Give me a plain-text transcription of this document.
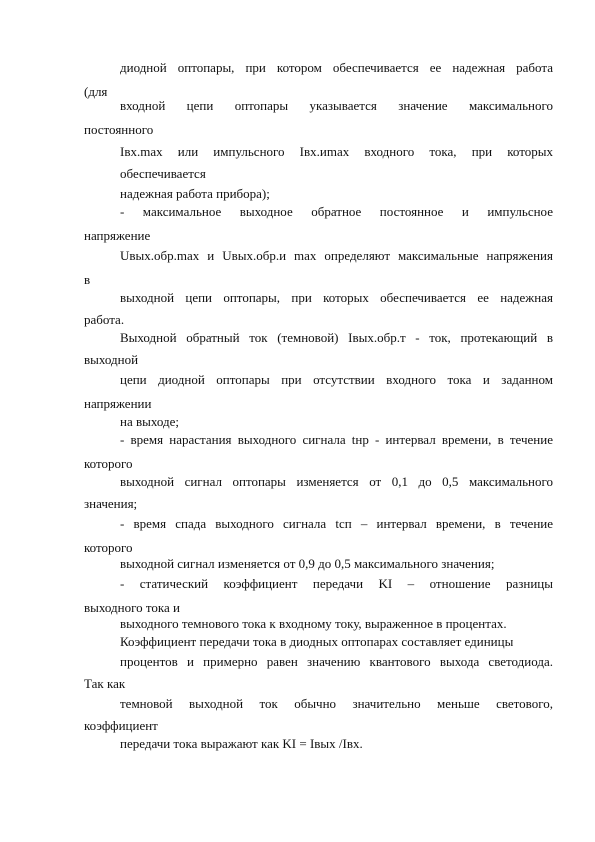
диодной оптопары, при котором обеспечивается ее надежная работа
(для
входной цепи оптопары указывается значение максимального
постоянного
Iвх.max или импульсного Iвх.иmax входного тока, при которых
обеспечивается
надежная работа прибора);
- максимальное выходное обратное постоянное и импульсное
напряжение
Uвых.обр.max и Uвых.обр.и max определяют максимальные напряжения
в
выходной цепи оптопары, при которых обеспечивается ее надежная
работа.
Выходной обратный ток (темновой) Iвых.обр.т - ток, протекающий в
выходной
цепи диодной оптопары при отсутствии входного тока и заданном
напряжении
на выходе;
- время нарастания выходного сигнала tнр - интервал времени, в течение
которого
выходной сигнал оптопары изменяется от 0,1 до 0,5 максимального
значения;
- время спада выходного сигнала tсп – интервал времени, в течение
которого
выходной сигнал изменяется от 0,9 до 0,5 максимального значения;
- статический коэффициент передачи KI – отношение разницы
выходного тока и
выходного темнового тока к входному току, выраженное в процентах.
Коэффициент передачи тока в диодных оптопарах составляет единицы
процентов и примерно равен значению квантового выхода светодиода.
Так как
темновой выходной ток обычно значительно меньше светового,
коэффициент
передачи тока выражают как KI = Iвых /Iвх.
